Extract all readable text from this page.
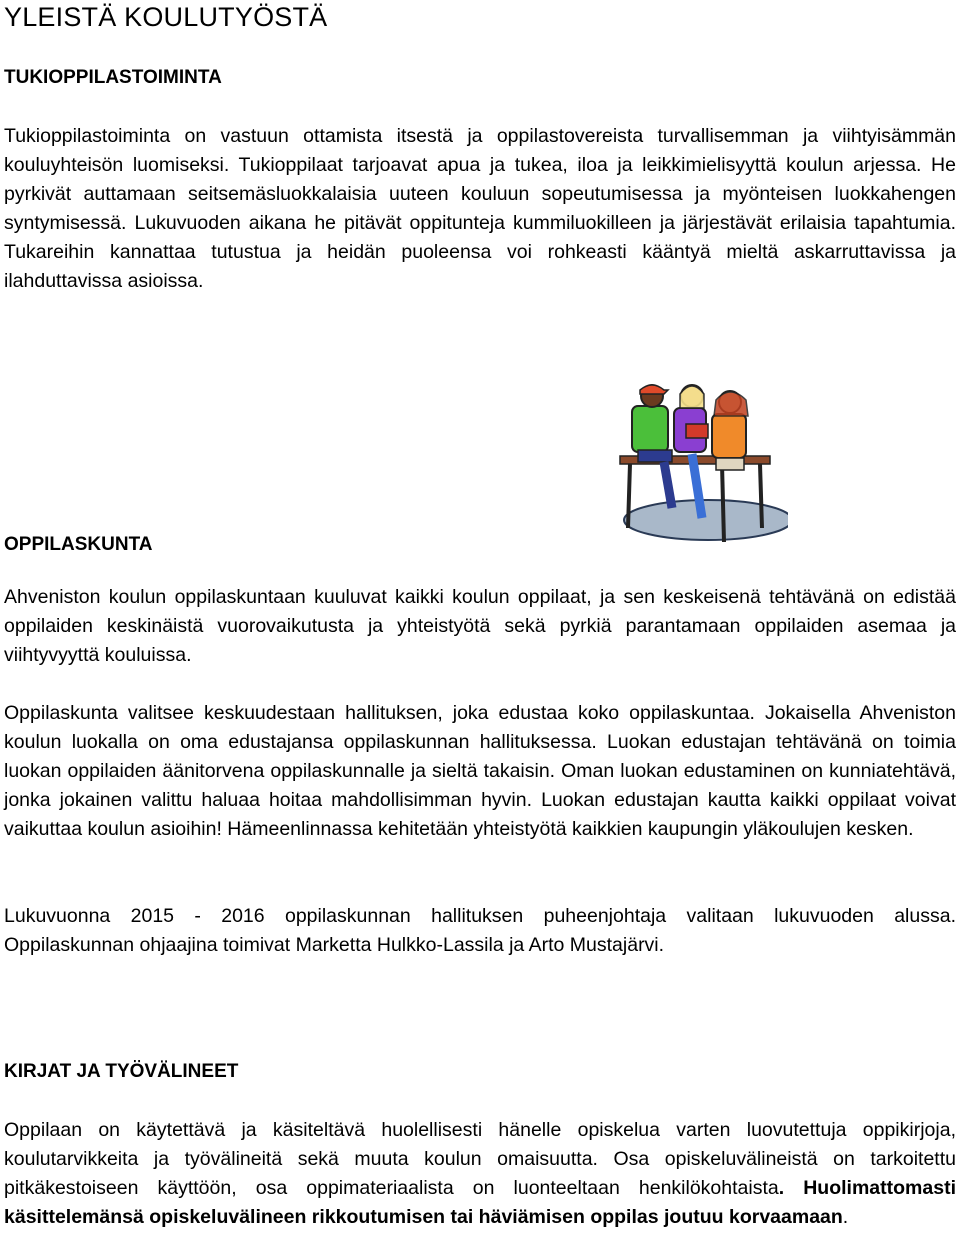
YLEISTÄ KOULUTYÖSTÄ
TUKIOPPILASTOIMINTA

Tukioppilastoiminta on vastuun ottamista itsestä ja oppilastovereista turvallisemman ja viihtyisämmän kouluyhteisön luomiseksi. Tukioppilaat tarjoavat apua ja tukea, iloa ja leikkimielisyyttä koulun arjessa. He pyrkivät auttamaan seitsemäsluokkalaisia uuteen kouluun sopeutumisessa ja myönteisen luokkahengen syntymisessä. Lukuvuoden aikana he pitävät oppitunteja kummiluokilleen ja järjestävät erilaisia tapahtumia. Tukareihin kannattaa tutustua ja heidän puoleensa voi rohkeasti kääntyä mieltä askarruttavissa ja ilahduttavissa asioissa.

OPPILASKUNTA

Ahveniston koulun oppilaskuntaan kuuluvat kaikki koulun oppilaat, ja sen keskeisenä tehtävänä on edistää oppilaiden keskinäistä vuorovaikutusta ja yhteistyötä sekä pyrkiä parantamaan oppilaiden asemaa ja viihtyvyyttä kouluissa.

Oppilaskunta valitsee keskuudestaan hallituksen, joka edustaa koko oppilaskuntaa. Jokaisella Ahveniston koulun luokalla on oma edustajansa oppilaskunnan hallituksessa. Luokan edustajan tehtävänä on toimia luokan oppilaiden äänitorvena oppilaskunnalle ja sieltä takaisin. Oman luokan edustaminen on kunniatehtävä, jonka jokainen valittu haluaa hoitaa mahdollisimman hyvin. Luokan edustajan kautta kaikki oppilaat voivat vaikuttaa koulun asioihin! Hämeenlinnassa kehitetään yhteistyötä kaikkien kaupungin yläkoulujen kesken.

Lukuvuonna 2015 - 2016 oppilaskunnan hallituksen puheenjohtaja valitaan lukuvuoden alussa. Oppilaskunnan ohjaajina toimivat Marketta Hulkko-Lassila ja Arto Mustajärvi.

KIRJAT JA TYÖVÄLINEET

Oppilaan on käytettävä ja käsiteltävä huolellisesti hänelle opiskelua varten luovutettuja oppikirjoja, koulutarvikkeita ja työvälineitä sekä muuta koulun omaisuutta. Osa opiskeluvälineistä on tarkoitettu pitkäkestoiseen käyttöön, osa oppimateriaalista on luonteeltaan henkilökohtaista. Huolimattomasti käsittelemänsä opiskeluvälineen rikkoutumisen tai häviämisen oppilas joutuu korvaamaan.
